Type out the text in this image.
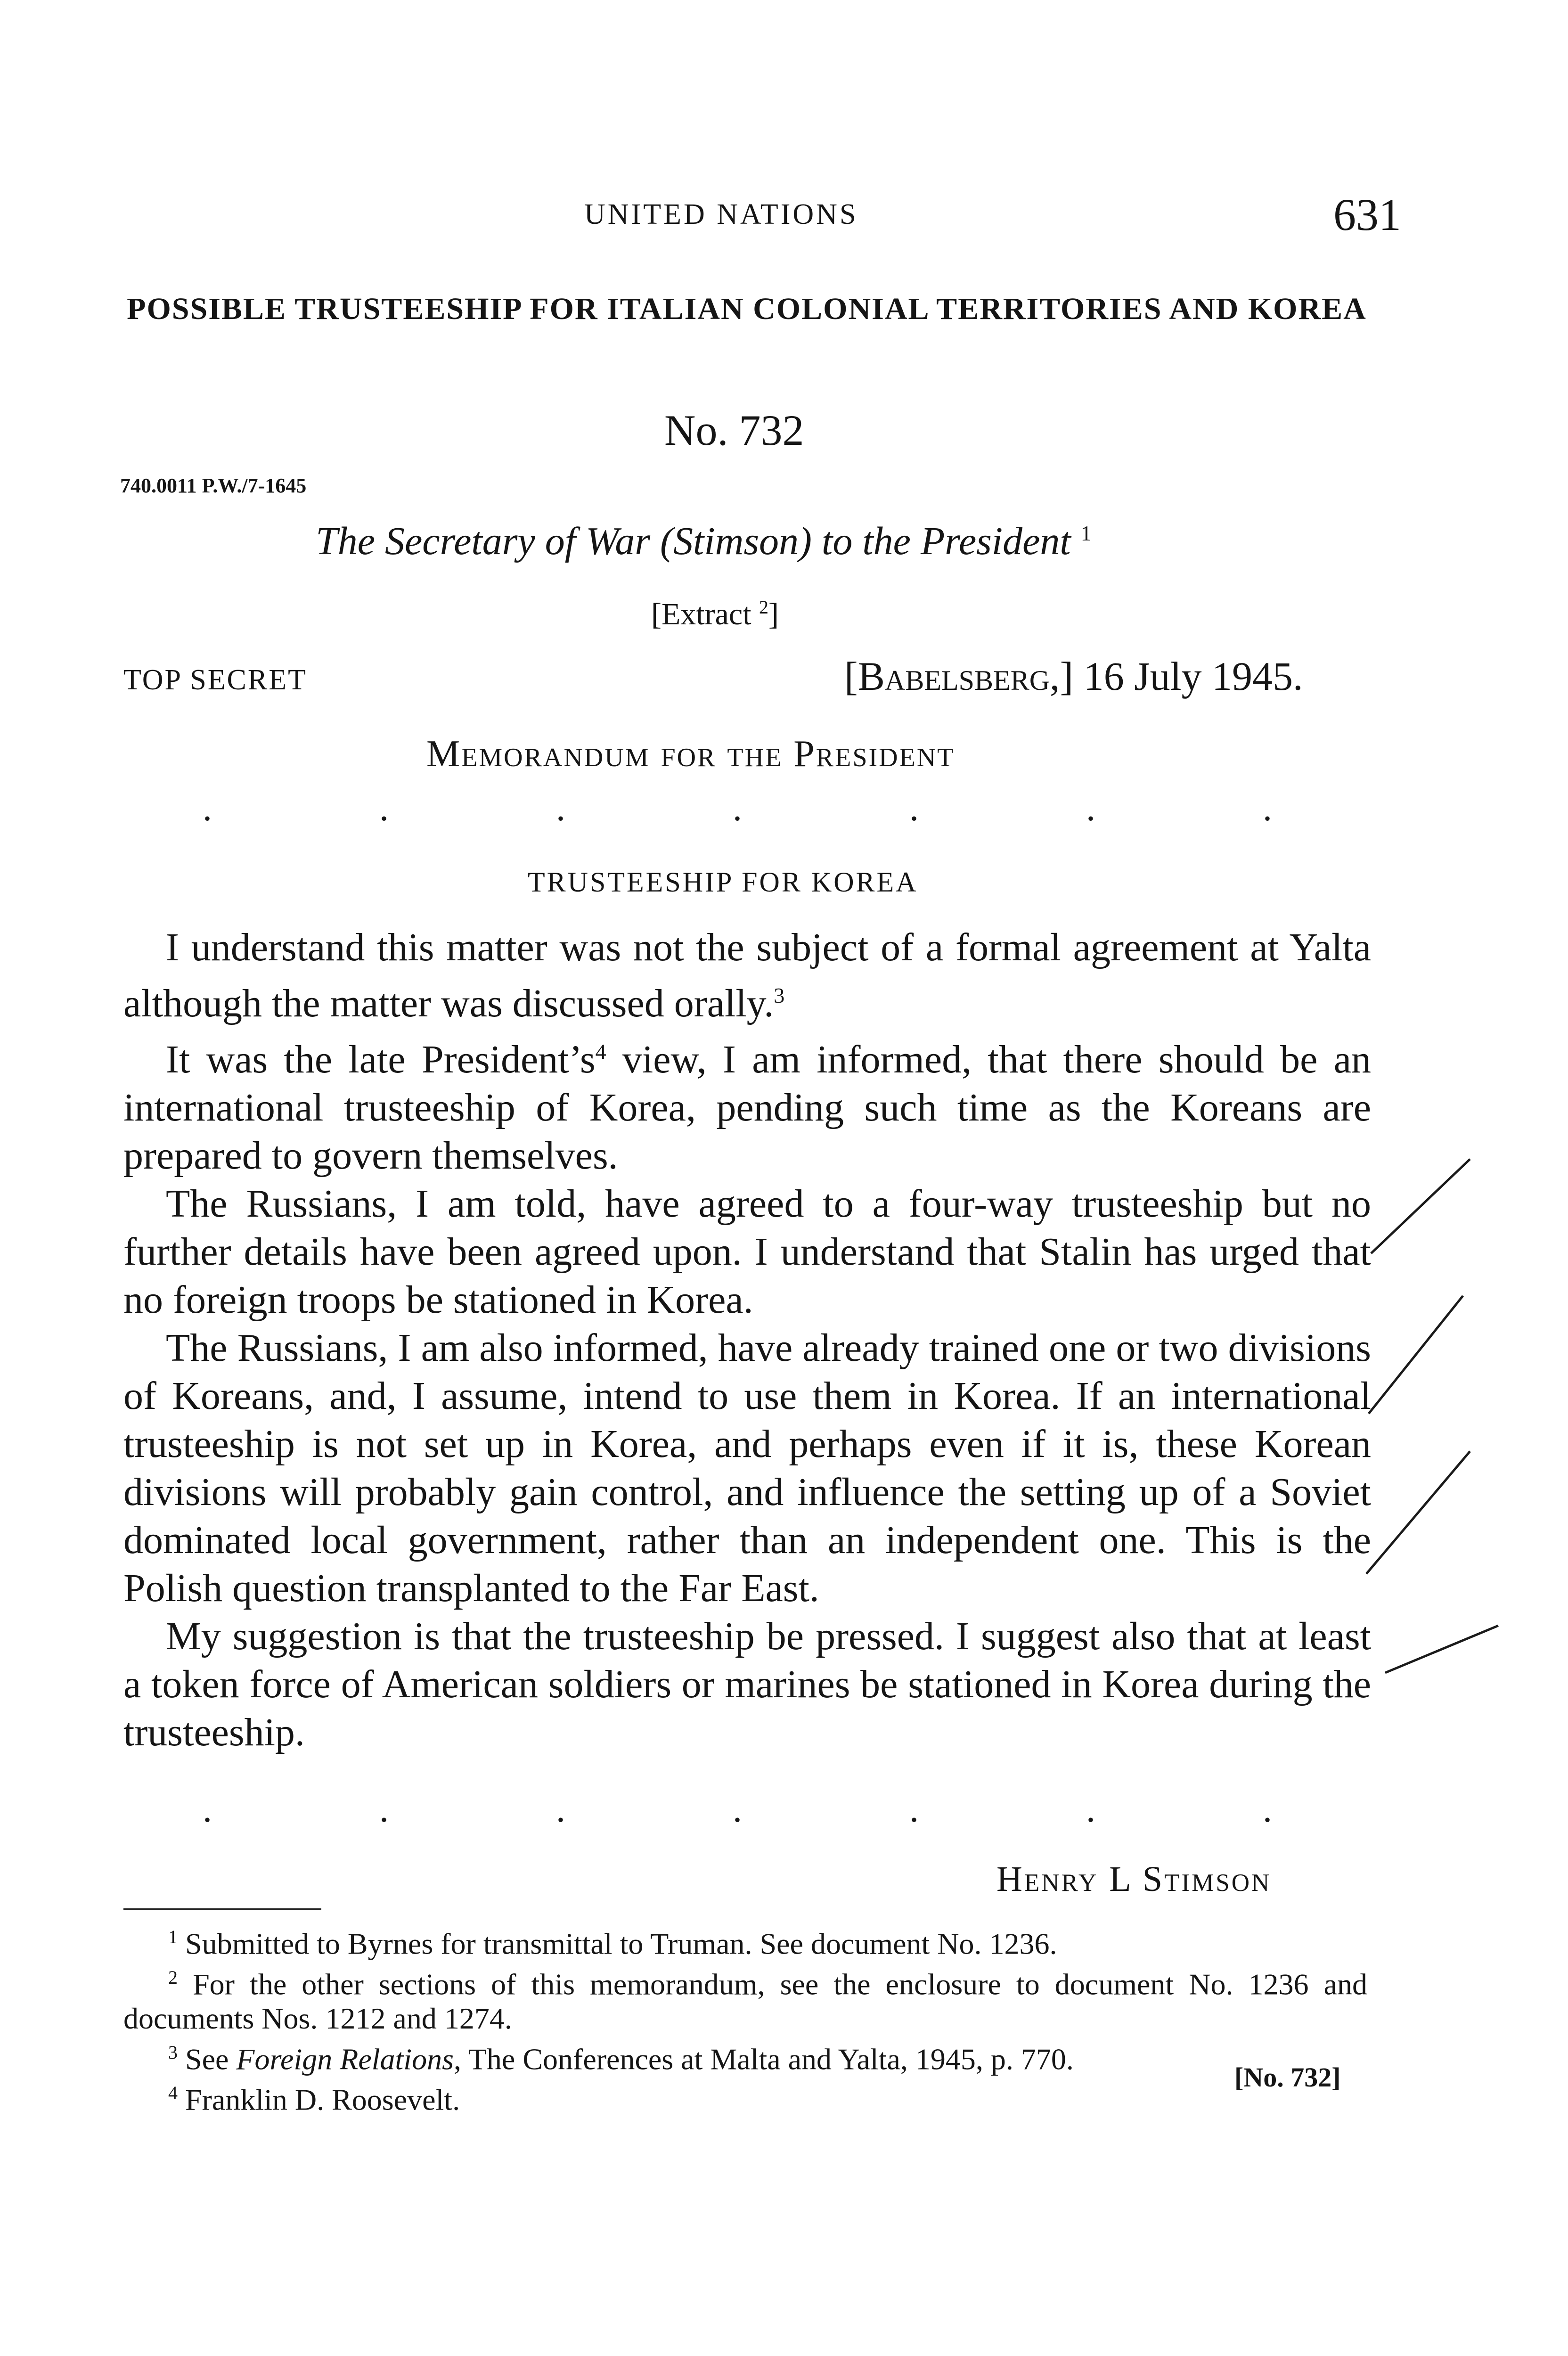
UNITED NATIONS	631
POSSIBLE TRUSTEESHIP FOR ITALIAN COLONIAL TERRITORIES AND KOREA
No. 732
740.0011 P.W./7-1645
The Secretary of War (Stimson) to the President $^1$
[Extract $^2$]
TOP SECRET	[Babelsberg,] 16 July 1945.
Memorandum for the President
.	.	.	.	.	.	.
TRUSTEESHIP FOR KOREA

I understand this matter was not the subject of a formal agreement at Yalta although the matter was discussed orally.$^3$

It was the late $President’s^4$ view, I am informed, that there should be an international trusteeship of Korea, pending such time as the Koreans are prepared to govern themselves.

The Russians, I am told, have agreed to a four-way trusteeship but no further details have been agreed upon. I understand that Stalin has urged that no foreign troops be stationed in Korea.

The Russians, I am also informed, have already trained one or two divisions of Koreans, and, I assume, intend to use them in Korea. If an international trusteeship is not set up in Korea, and perhaps even if it is, these Korean divisions will probably gain control, and influence the setting up of a Soviet dominated local government, rather than an independent one. This is the Polish question transplanted to the Far East.

My suggestion is that the trusteeship be pressed. I suggest also that at least a token force of American soldiers or marines be stationed in Korea during the trusteeship.

.	.	.	.	.	.	.
Henry L Stimson

$^1$ Submitted to Byrnes for transmittal to Truman. See document No. 1236.

$^2$ For the other sections of this memorandum, see the enclosure to document No. 1236 and documents Nos. 1212 and 1274.

$^3$ See Foreign Relations, The Conferences at Malta and Yalta, 1945, p. 770.

$^4$ Franklin D. Roosevelt.

[No. 732]
